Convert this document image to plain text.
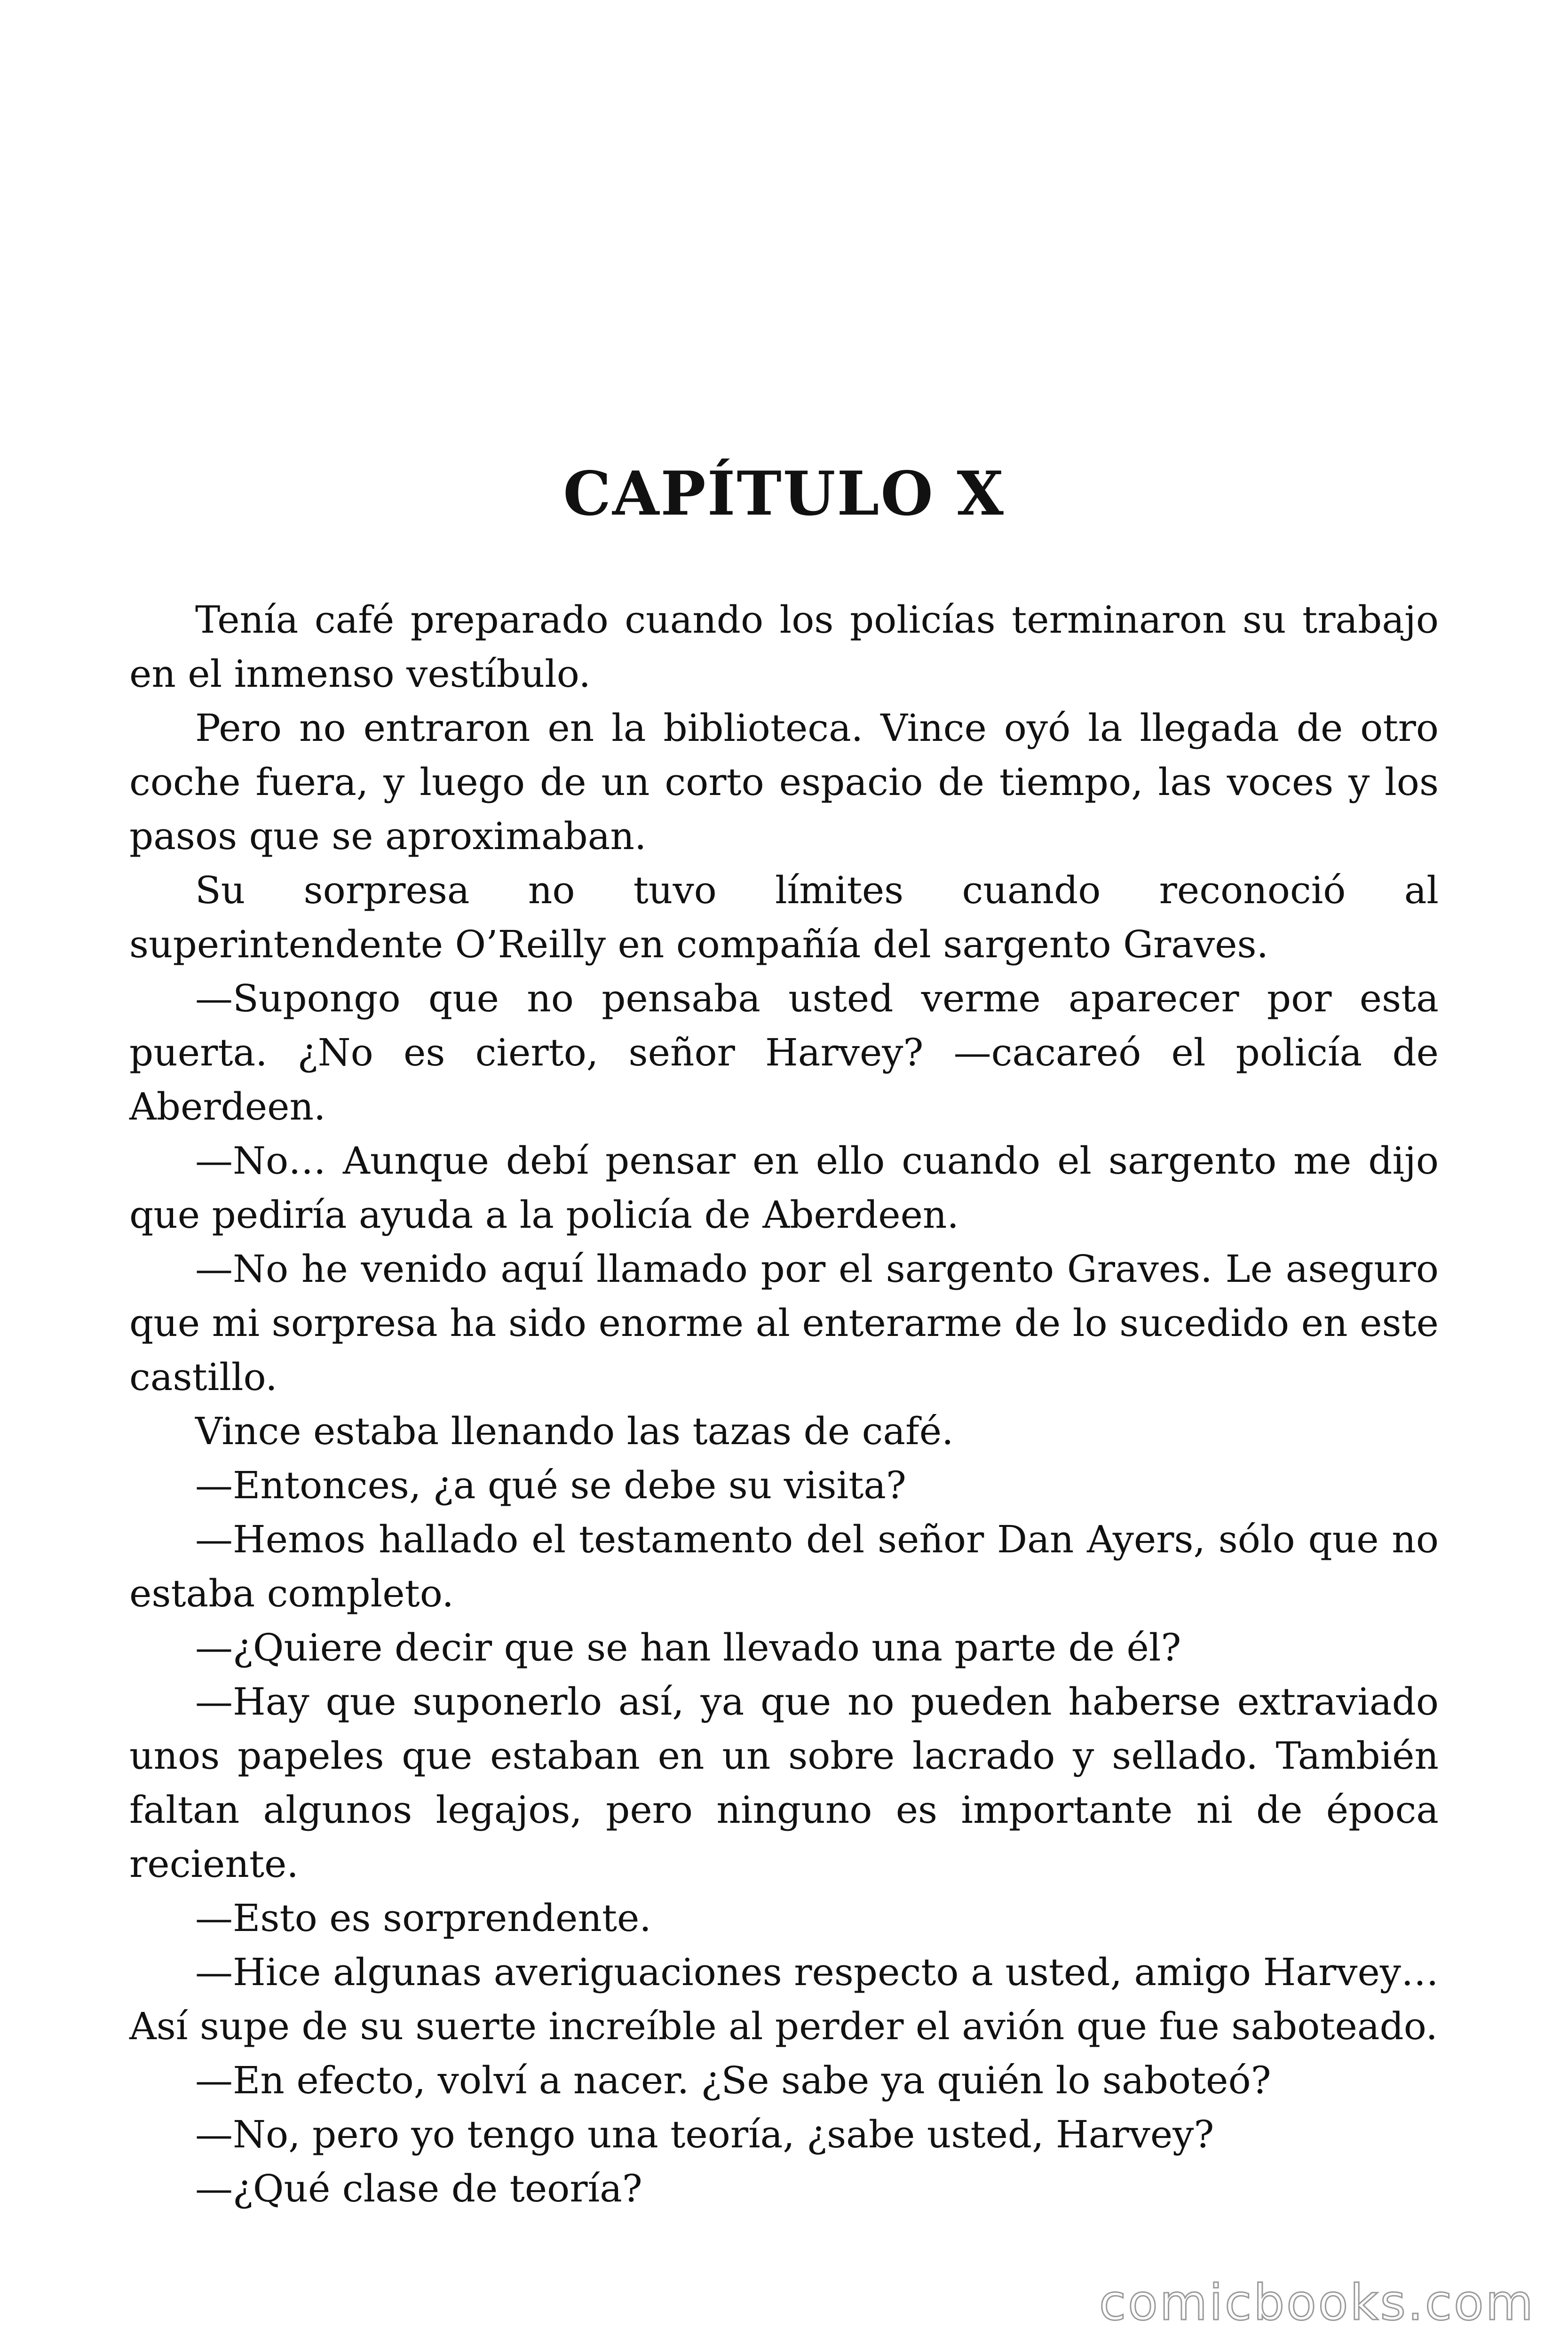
CAPÍTULO X

Tenía café preparado cuando los policías terminaron su trabajo en el inmenso vestíbulo.

Pero no entraron en la biblioteca. Vince oyó la llegada de otro coche fuera, y luego de un corto espacio de tiempo, las voces y los pasos que se aproximaban.

Su sorpresa no tuvo límites cuando reconoció al superintendente O’Reilly en compañía del sargento Graves.

—Supongo que no pensaba usted verme aparecer por esta puerta. ¿No es cierto, señor Harvey? —cacareó el policía de Aberdeen.

—No… Aunque debí pensar en ello cuando el sargento me dijo que pediría ayuda a la policía de Aberdeen.

—No he venido aquí llamado por el sargento Graves. Le aseguro que mi sorpresa ha sido enorme al enterarme de lo sucedido en este castillo.

Vince estaba llenando las tazas de café.

—Entonces, ¿a qué se debe su visita?

—Hemos hallado el testamento del señor Dan Ayers, sólo que no estaba completo.

—¿Quiere decir que se han llevado una parte de él?

—Hay que suponerlo así, ya que no pueden haberse extraviado unos papeles que estaban en un sobre lacrado y sellado. También faltan algunos legajos, pero ninguno es importante ni de época reciente.

—Esto es sorprendente.

—Hice algunas averiguaciones respecto a usted, amigo Harvey… Así supe de su suerte increíble al perder el avión que fue saboteado.

—En efecto, volví a nacer. ¿Se sabe ya quién lo saboteó?

—No, pero yo tengo una teoría, ¿sabe usted, Harvey?

—¿Qué clase de teoría?

comicbooks.com
